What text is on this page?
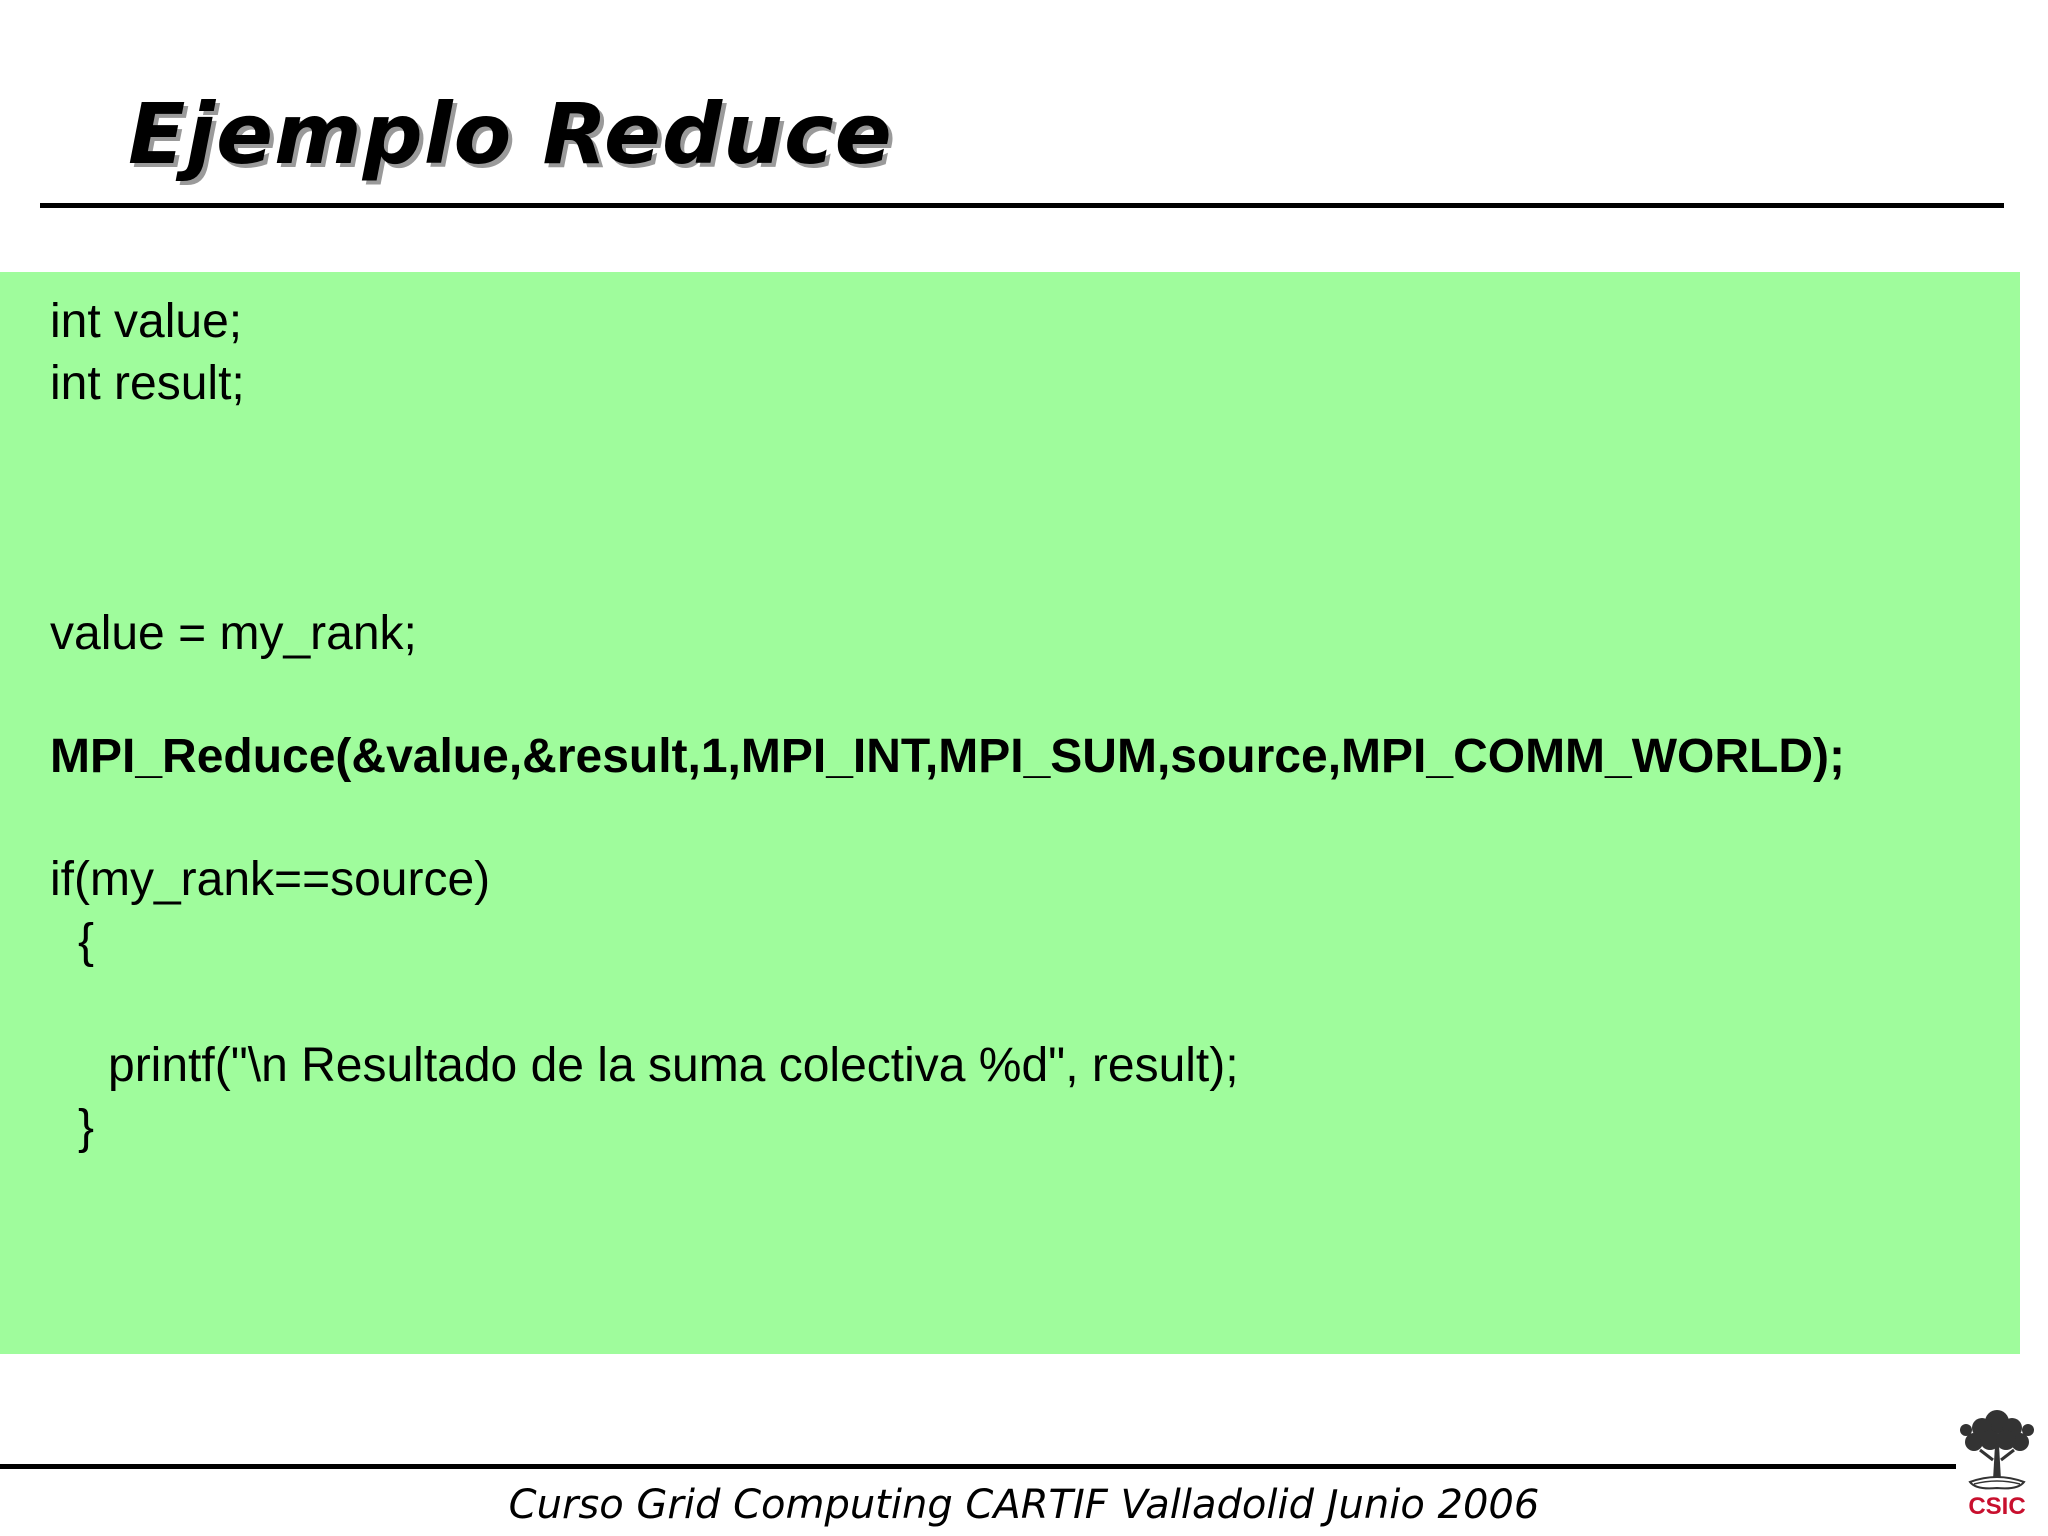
Ejemplo Reduce
int value;
int result;
value = my_rank;
MPI_Reduce(&value,&result,1,MPI_INT,MPI_SUM,source,MPI_COMM_WORLD);
if(my_rank==source)
{
printf("\n Resultado de la suma colectiva %d", result);
}
Curso Grid Computing CARTIF Valladolid Junio 2006	CSIC
